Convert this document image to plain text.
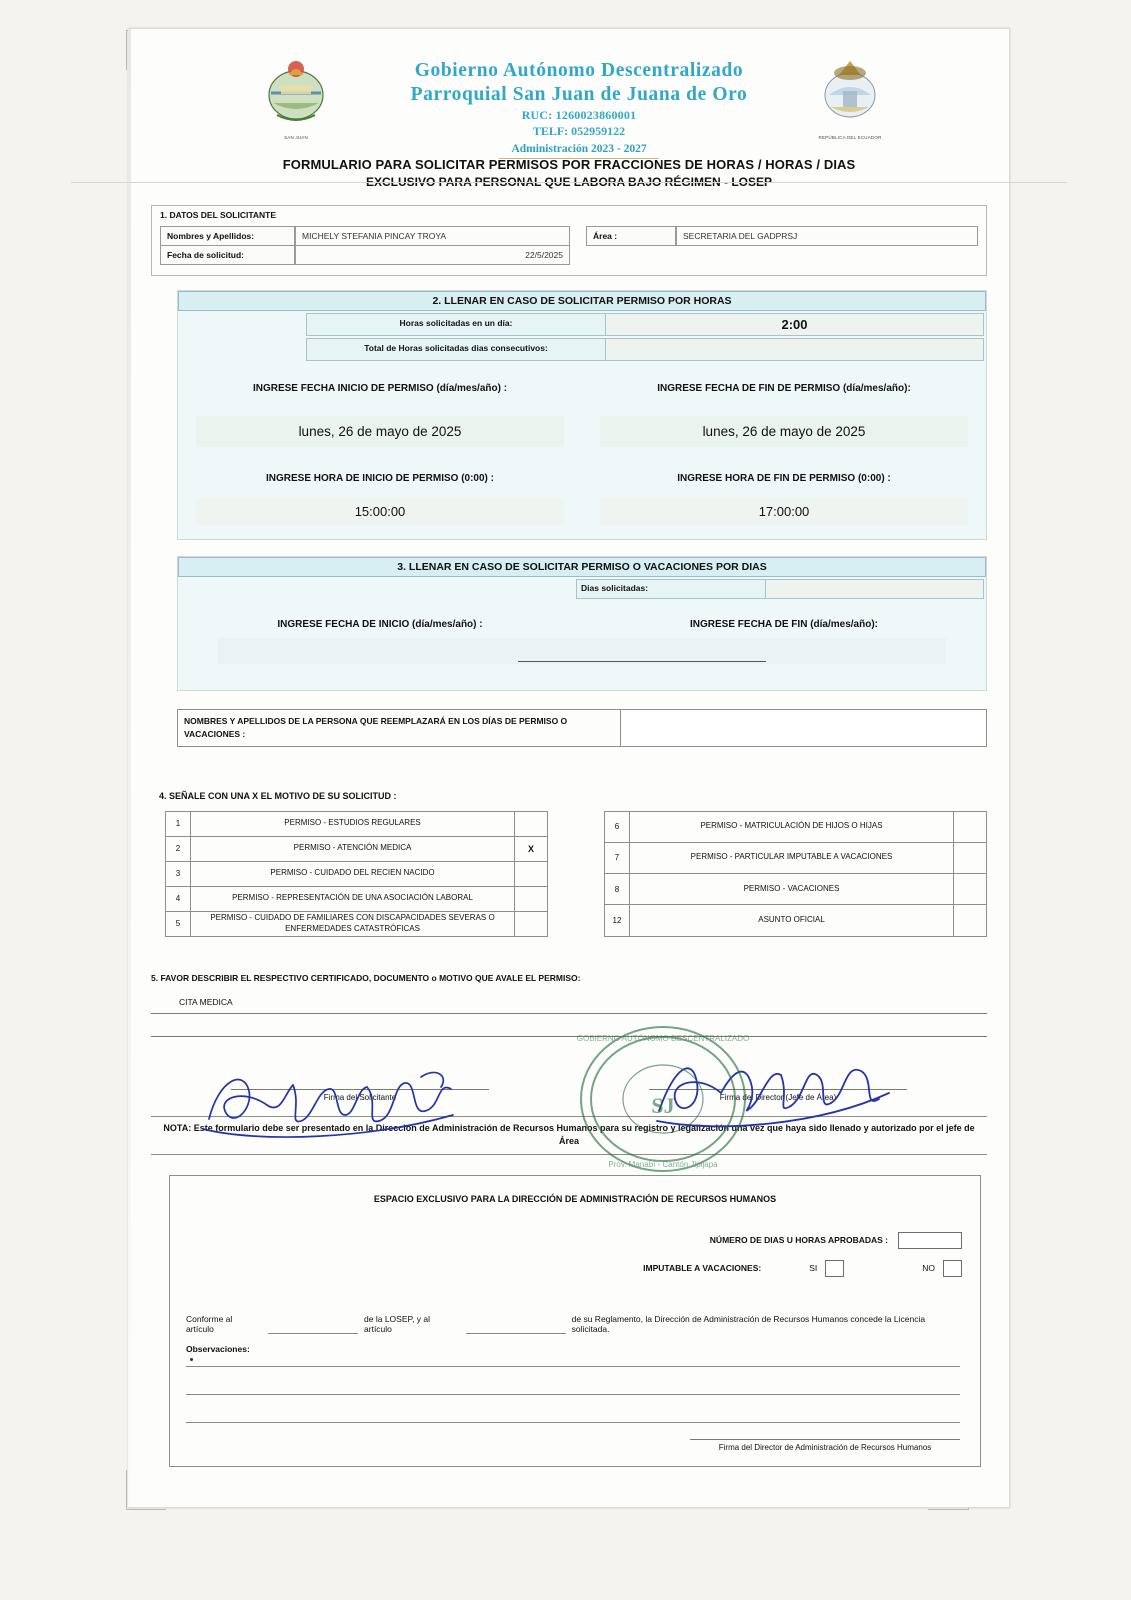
SAN JUAN	REPÚBLICA DEL ECUADOR
Gobierno Autónomo Descentralizado
Parroquial San Juan de Juana de Oro
RUC: 1260023860001
TELF: 052959122
Administración 2023 - 2027
FORMULARIO PARA SOLICITAR PERMISOS POR FRACCIONES DE HORAS / HORAS / DIAS
EXCLUSIVO PARA PERSONAL QUE LABORA BAJO RÉGIMEN - LOSEP
1. DATOS DEL SOLICITANTE
Nombres y Apellidos:	MICHELY STEFANIA PINCAY TROYA
Fecha de solicitud:	22/5/2025
Área :	SECRETARIA DEL GADPRSJ
2. LLENAR EN CASO DE SOLICITAR PERMISO POR HORAS
Horas solicitadas en un día:	2:00
Total de Horas solicitadas dias consecutivos:

INGRESE FECHA INICIO DE PERMISO (día/mes/año) :
lunes, 26 de mayo de 2025
INGRESE FECHA DE FIN DE PERMISO (día/mes/año):
lunes, 26 de mayo de 2025
INGRESE HORA DE INICIO DE PERMISO (0:00) :
15:00:00
INGRESE HORA DE FIN DE PERMISO (0:00) :
17:00:00
3. LLENAR EN CASO DE SOLICITAR PERMISO O VACACIONES POR DIAS
Dias solicitadas:

INGRESE FECHA DE INICIO (día/mes/año) :	INGRESE FECHA DE FIN (día/mes/año):
NOMBRES Y APELLIDOS DE LA PERSONA QUE REEMPLAZARÁ EN LOS DÍAS DE PERMISO O VACACIONES :

4. SEÑALE CON UNA X EL MOTIVO DE SU SOLICITUD :
1	PERMISO - ESTUDIOS REGULARES	
2	PERMISO - ATENCIÓN MEDICA	X
3	PERMISO - CUIDADO DEL RECIEN NACIDO	
4	PERMISO - REPRESENTACIÓN DE UNA ASOCIACIÓN LABORAL	
5	PERMISO - CUIDADO DE FAMILIARES CON DISCAPACIDADES SEVERAS O ENFERMEDADES CATASTRÓFICAS	
6	PERMISO - MATRICULACIÓN DE HIJOS O HIJAS	
7	PERMISO - PARTICULAR IMPUTABLE A VACACIONES	
8	PERMISO - VACACIONES	
12	ASUNTO OFICIAL	
5. FAVOR DESCRIBIR EL RESPECTIVO CERTIFICADO, DOCUMENTO o MOTIVO QUE AVALE EL PERMISO:
CITA MEDICA
Firma del Solicitante	Firma del Director (Jefe de Área)
NOTA: Este formulario debe ser presentado en la Dirección de Administración de Recursos Humanos para su registro y legalización una vez que haya sido llenado y autorizado por el jefe de Área
ESPACIO EXCLUSIVO PARA LA DIRECCIÓN DE ADMINISTRACIÓN DE RECURSOS HUMANOS
NÚMERO DE DIAS U HORAS APROBADAS :
IMPUTABLE A VACACIONES:	SI	NO
Conforme al artículo
de la LOSEP, y al artículo
de su Reglamento, la Dirección de Administración de Recursos Humanos concede la Licencia solicitada.
Observaciones:
Firma del Director de Administración de Recursos Humanos
SJ
GOBIERNO AUTÓNOMO DESCENTRALIZADO
Prov. Manabí - Cantón Jipijapa
